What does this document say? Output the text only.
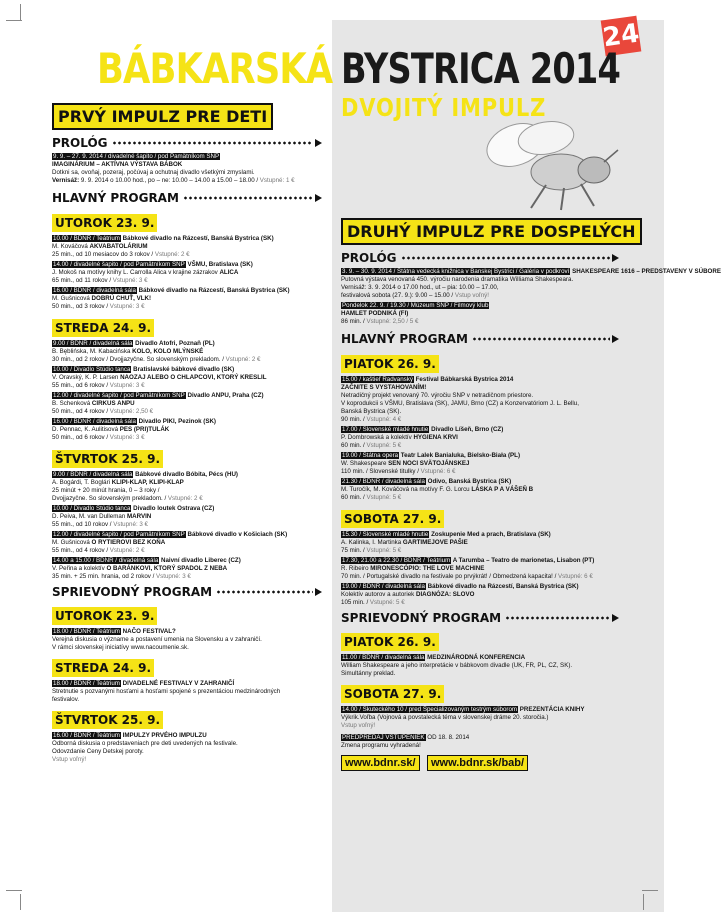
24
BÁBKARSKÁ BYSTRICA 2014
DVOJITÝ IMPULZ
PRVÝ IMPULZ PRE DETI
PROLÓG
9. 9. – 27. 9. 2014 / divadelné šapito / pod Pamätníkom SNP
IMAGINÁRIUM – AKTÍVNA VÝSTAVA BÁBOK
Dotkni sa, ovoňaj, pozeraj, počúvaj a ochutnaj divadlo všetkými zmyslami.
Vernisáž: 9. 9. 2014 o 10.00 hod., po – ne: 10.00 – 14.00 a 15.00 – 18.00 / Vstupné: 1 €
HLAVNÝ PROGRAM
UTOROK 23. 9.
10.00 / BDNR / Teátrium Bábkové divadlo na Rázcestí, Banská Bystrica (SK)
M. Kováčová AKVABATOLÁRIUM
25 min., od 10 mesiacov do 3 rokov / Vstupné: 2 €
14.00 / divadelné šapito / pod Pamätníkom SNP VŠMU, Bratislava (SK)
J. Mokoš na motívy knihy L. Carrolla Alica v krajine zázrakov ALICA
65 min., od 11 rokov / Vstupné: 3 €
16.00 / BDNR / divadelná sála Bábkové divadlo na Rázcestí, Banská Bystrica (SK)
M. Gušnicová DOBRÚ CHUŤ, VLK!
50 min., od 3 rokov / Vstupné: 3 €
STREDA 24. 9.
9.00 / BDNR / divadelná sála Divadlo Atofri, Poznaň (PL)
B. Bęblińska, M. Kabacińska KOLO, KOLO MLÝNSKÉ
30 min., od 2 rokov / Dvojjazyčne. So slovenským prekladom. / Vstupné: 2 €
10.00 / Divadlo Štúdio tanca Bratislavské bábkové divadlo (SK)
V. Oravský, K. P. Larsen NAOZAJ ALEBO O CHLAPCOVI, KTORÝ KRESLIL
55 min., od 6 rokov / Vstupné: 3 €
12.00 / divadelné šapito / pod Pamätníkom SNP Divadlo ANPU, Praha (CZ)
B. Schenková CIRKUS ANPU
50 min., od 4 rokov / Vstupné: 2,50 €
16.00 / BDNR / divadelná sála Divadlo PIKI, Pezinok (SK)
D. Pennac, K. Aulitisová PES (PRI)TULÁK
50 min., od 6 rokov / Vstupné: 3 €
ŠTVRTOK 25. 9.
9.00 / BDNR / divadelná sála Bábkové divadlo Bóbita, Pécs (HU)
A. Bogárdi, T. Boglári KLIPI-KLAP, KLIPI-KLAP
25 minút + 20 minút hrania, 0 – 3 roky /
Dvojjazyčne. So slovenským prekladom. / Vstupné: 2 €
10.00 / Divadlo Štúdio tanca Divadlo loutek Ostrava (CZ)
D. Peiva, M. van Dulleman MARVIN
55 min., od 10 rokov / Vstupné: 3 €
12.00 / divadelné šapito / pod Pamätníkom SNP Bábkové divadlo v Košiciach (SK)
M. Gušnicová O RYTIEROVI BEZ KOŇA
55 min., od 4 rokov / Vstupné: 2 €
14.00 a 15.00 / BDNR / divadelná sála Naivní divadlo Liberec (CZ)
V. Peřina a kolektív O BARÁNKOVI, KTORÝ SPADOL Z NEBA
35 min. + 25 min. hrania, od 2 rokov / Vstupné: 3 €
SPRIEVODNÝ PROGRAM
UTOROK 23. 9.
18.00 / BDNR / Teátrium NAČO FESTIVAL?
Verejná diskusia o význame a postavení umenia na Slovensku a v zahraničí.
V rámci slovenskej iniciatívy www.nacoumenie.sk.
STREDA 24. 9.
18.00 / BDNR / Teátrium DIVADELNÉ FESTIVALY V ZAHRANIČÍ
Stretnutie s pozvanými hosťami a hosťami spojené s prezentáciou medzinárodných
festivalov.
ŠTVRTOK 25. 9.
16.00 / BDNR / Teátrium IMPULZY PRVÉHO IMPULZU
Odborná diskusia o predstaveniach pre deti uvedených na festivale.
Odovzdanie Ceny Detskej poroty.
Vstup voľný!
DRUHÝ IMPULZ PRE DOSPELÝCH
PROLÓG
3. 9. – 30. 9. 2014 / Štátna vedecká knižnica v Banskej Bystrici / Galéria v podkroví SHAKESPEARE 1616 – PREDSTAVENY V SÚBORE
Putovná výstava venovaná 450. výročiu narodenia dramatika Williama Shakespeara.
Vernisáž: 3. 9. 2014 o 17.00 hod., ut – pia: 10.00 – 17.00,
festivalová sobota (27. 9.): 9.00 – 15.00 / Vstup voľný!
Pondelok 22. 9. / 19.30 / Múzeum SNP / Filmový klub
HAMLET PODNIKÁ (FI)
86 min. / Vstupné: 2,50 / 5 €
HLAVNÝ PROGRAM
PIATOK 26. 9.
15.00 / kaštieľ Radvanský Festival Bábkarská Bystrica 2014
ZAČNITE S VYSTAHOVANÍM!
Netradičný projekt venovaný 70. výročiu SNP v netradičnom priestore.
V koprodukcii s VŠMU, Bratislava (SK), JAMU, Brno (CZ) a Konzervatóriom J. L. Bellu,
Banská Bystrica (SK).
90 min. / Vstupné: 4 €
17.00 / Slovenské mladé hnutie Divadlo Líšeň, Brno (CZ)
P. Dombrowská a kolektív HYGIENA KRVI
60 min. / Vstupné: 5 €
19.00 / Štátna opera Teatr Lalek Banialuka, Bielsko-Biała (PL)
W. Shakespeare SEN NOCI SVÄTOJÁNSKEJ
110 min. / Slovenské titulky / Vstupné: 6 €
21.30 / BDNR / divadelná sála Odivo, Banská Bystrica (SK)
M. Turočík, M. Kováčová na motívy F. G. Lorcu LÁSKA P A VÁŠEŇ B
60 min. / Vstupné: 5 €
SOBOTA 27. 9.
15.30 / Slovenské mladé hnutie Zoskupenie Med a prach, Bratislava (SK)
A. Kalinka, I. Martinka GARTIMEJOVE PAŠIE
75 min. / Vstupné: 5 €
17.30, 21.00 a 22.30 / BDNR / Teátrium A Tarumba – Teatro de marionetas, Lisabon (PT)
R. Ribeiro MIRONESCÓPIO: THE LOVE MACHINE
70 min. / Portugalské divadlo na festivale po prvýkrát! / Obmedzená kapacita! / Vstupné: 6 €
19.00 / BDNR / divadelná sála Bábkové divadlo na Rázcestí, Banská Bystrica (SK)
Kolektív autorov a autoriek DIAGNÓZA: SLOVO
105 min. / Vstupné: 5 €
SPRIEVODNÝ PROGRAM
PIATOK 26. 9.
11.00 / BDNR / divadelná sála MEDZINÁRODNÁ KONFERENCIA
William Shakespeare a jeho interpretácie v bábkovom divadle (UK, FR, PL, CZ, SK).
Simultánny preklad.
SOBOTA 27. 9.
14.00 / Skuteckého 10 / pred Špecializovaným testrým súborom PREZENTÁCIA KNIHY
Výkrik.Voľba (Vojnová a povstalecká téma v slovenskej dráme 20. storočia.)
Vstup voľný!
PREDPREDAJ VSTUPENIEK OD 18. 8. 2014
Zmena programu vyhradená!
www.bdnr.sk/ www.bdnr.sk/bab/
